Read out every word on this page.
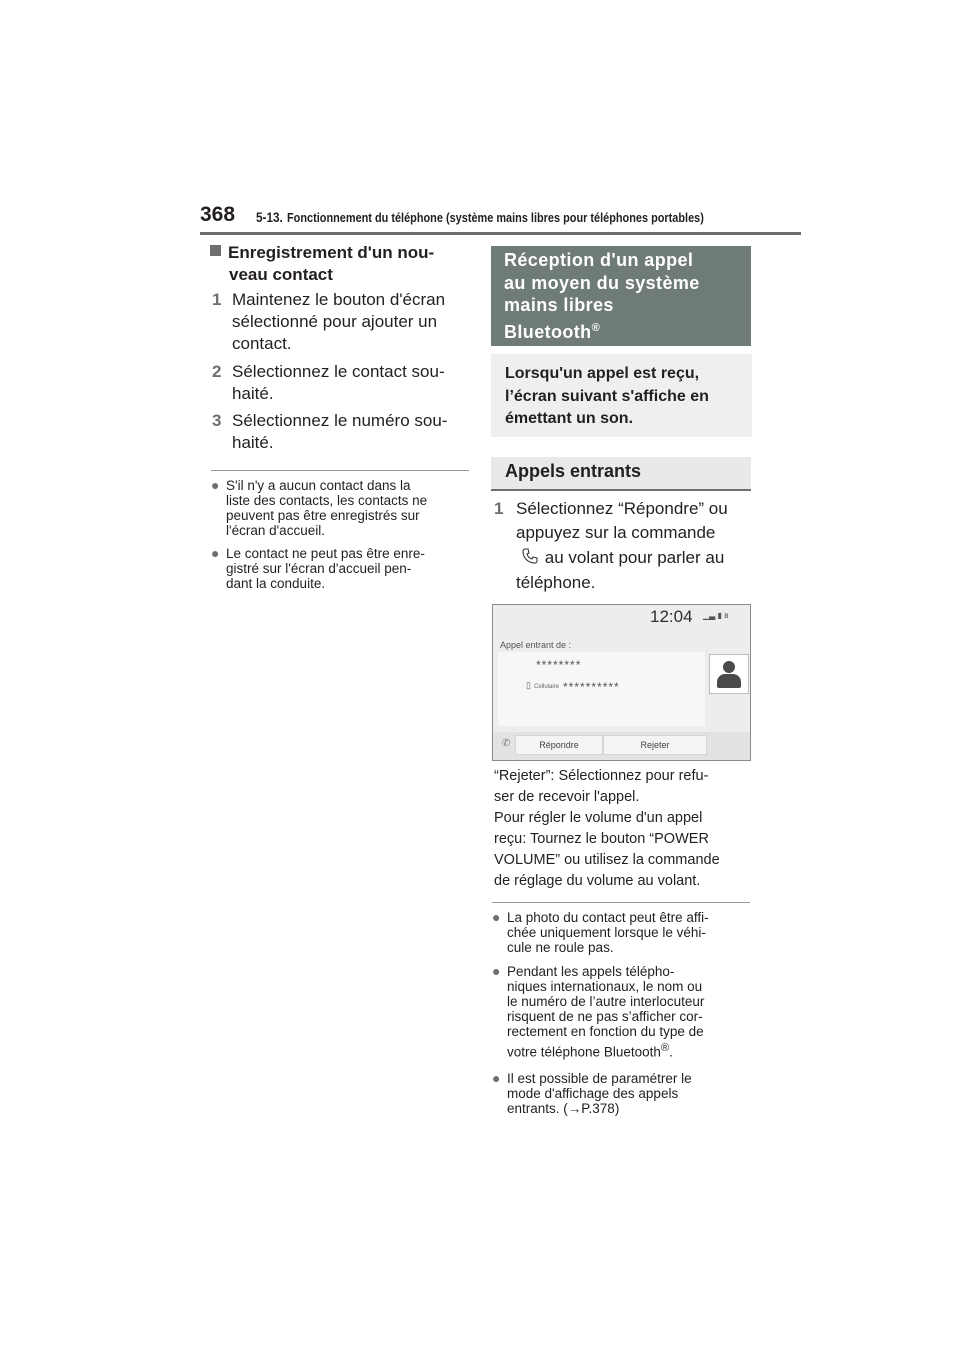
368 5-13. Fonctionnement du téléphone (système mains libres pour téléphones portables)
Enregistrement d'un nou-
veau contact
1 Maintenez le bouton d'écran
sélectionné pour ajouter un
contact.
2 Sélectionnez le contact sou-
haité.
3 Sélectionnez le numéro sou-
haité.
● S'il n'y a aucun contact dans la
liste des contacts, les contacts ne
peuvent pas être enregistrés sur
l'écran d'accueil.
● Le contact ne peut pas être enre-
gistré sur l'écran d'accueil pen-
dant la conduite.
Réception d'un appel
au moyen du système
mains libres
Bluetooth®
Lorsqu'un appel est reçu,
l’écran suivant s'affiche en
émettant un son.
Appels entrants
1 Sélectionnez “Répondre” ou
appuyez sur la commande
au volant pour parler au
téléphone.
12:04 ▁▃ ▮ ʙ
Appel entrant de :
********
▯ Cellulaire **********
✆	Répondre	Rejeter
“Rejeter”: Sélectionnez pour refu-
ser de recevoir l'appel.
Pour régler le volume d'un appel
reçu: Tournez le bouton “POWER
VOLUME” ou utilisez la commande
de réglage du volume au volant.
● La photo du contact peut être affi-
chée uniquement lorsque le véhi-
cule ne roule pas.
● Pendant les appels télépho-
niques internationaux, le nom ou
le numéro de l’autre interlocuteur
risquent de ne pas s’afficher cor-
rectement en fonction du type de
votre téléphone Bluetooth®.
● Il est possible de paramétrer le
mode d'affichage des appels
entrants. (→P.378)
